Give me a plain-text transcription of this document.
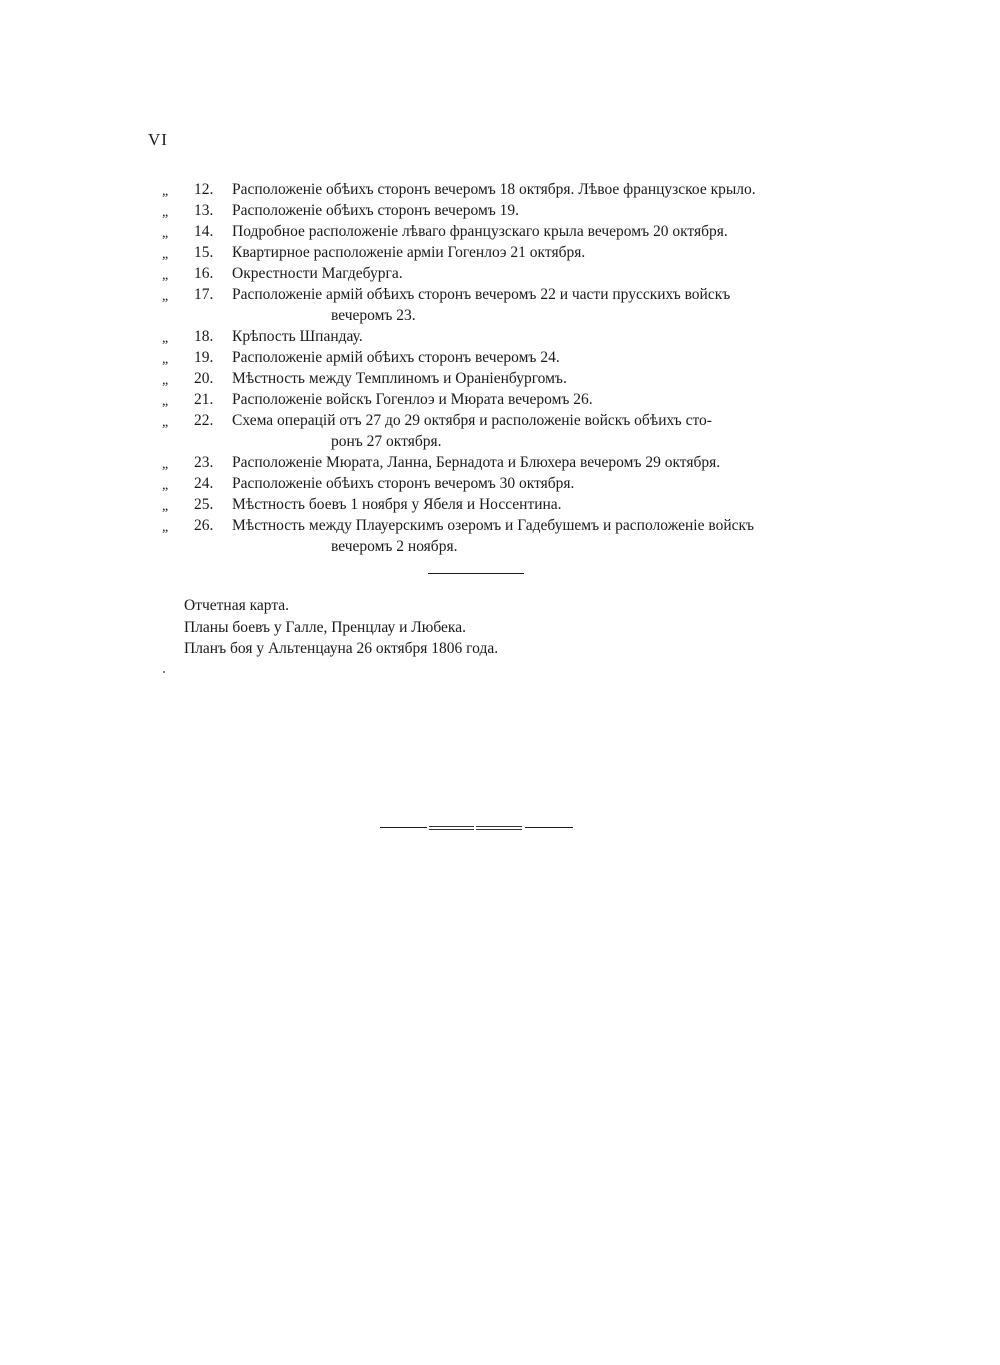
VI
„ 12. Расположеніе обѣихъ сторонъ вечеромъ 18 октября. Лѣвое французское крыло.
„ 13. Расположеніе обѣихъ сторонъ вечеромъ 19.
„ 14. Подробное расположеніе лѣваго французскаго крыла вечеромъ 20 октября.
„ 15. Квартирное расположеніе арміи Гогенлоэ 21 октября.
„ 16. Окрестности Магдебурга.
„ 17. Расположеніе армій обѣихъ сторонъ вечеромъ 22 и части прусскихъ войскъ
вечеромъ 23.
„ 18. Крѣпость Шпандау.
„ 19. Расположеніе армій обѣихъ сторонъ вечеромъ 24.
„ 20. Мѣстность между Темплиномъ и Ораніенбургомъ.
„ 21. Расположеніе войскъ Гогенлоэ и Мюрата вечеромъ 26.
„ 22. Схема операцій отъ 27 до 29 октября и расположеніе войскъ обѣихъ сто-
ронъ 27 октября.
„ 23. Расположеніе Мюрата, Ланна, Бернадота и Блюхера вечеромъ 29 октября.
„ 24. Расположеніе обѣихъ сторонъ вечеромъ 30 октября.
„ 25. Мѣстность боевъ 1 ноября у Ябеля и Носсентина.
„ 26. Мѣстность между Плауерскимъ озеромъ и Гадебушемъ и расположеніе войскъ
вечеромъ 2 ноября.
Отчетная карта.
Планы боевъ у Галле, Пренцлау и Любека.
Планъ боя у Альтенцауна 26 октября 1806 года.
